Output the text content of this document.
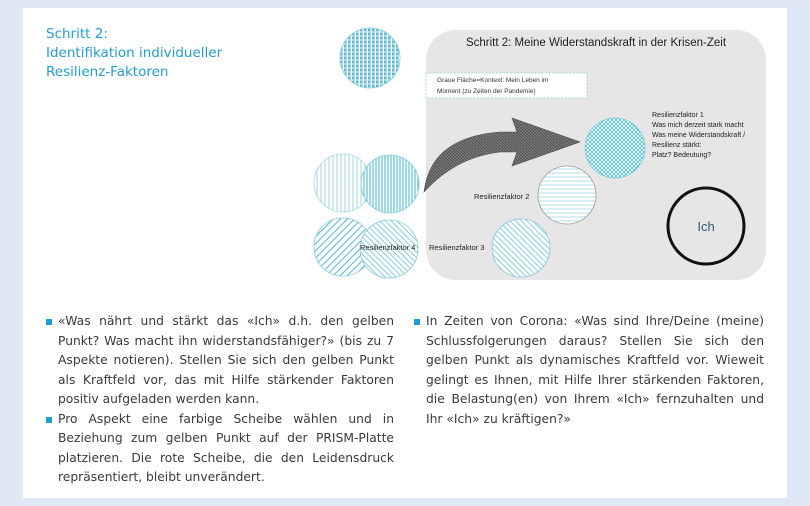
Schritt 2:
Identifikation individueller
Resilienz-Faktoren
Schritt 2: Meine Widerstandskraft in der Krisen-Zeit
Graue Fläche=Kontext: Mein Leben im
Moment (zu Zeiten der Pandemie)
Resilienzfaktor 1 Was mich derzeit stark macht Was meine Widerstandskraft / Resilienz stärkt: Platz? Bedeutung?
Resilienzfaktor 2
Resilienzfaktor 3
Ich
Resilienzfaktor 4
«Was nährt und stärkt das «Ich» d.h. den gelben Punkt? Was macht ihn widerstandsfähiger?» (bis zu 7 Aspekte notieren). Stellen Sie sich den gelben Punkt als Kraftfeld vor, das mit Hilfe stärkender Faktoren positiv aufgeladen werden kann.
Pro Aspekt eine farbige Scheibe wählen und in Beziehung zum gelben Punkt auf der PRISM-Platte platzieren. Die rote Scheibe, die den Leidensdruck repräsentiert, bleibt unverändert.
In Zeiten von Corona: «Was sind Ihre/Deine (meine) Schlussfolgerungen daraus? Stellen Sie sich den gelben Punkt als dynamisches Kraftfeld vor. Wieweit gelingt es Ihnen, mit Hilfe Ihrer stärkenden Faktoren, die Belastung(en) von Ihrem «Ich» fernzuhalten und Ihr «Ich» zu kräftigen?»
